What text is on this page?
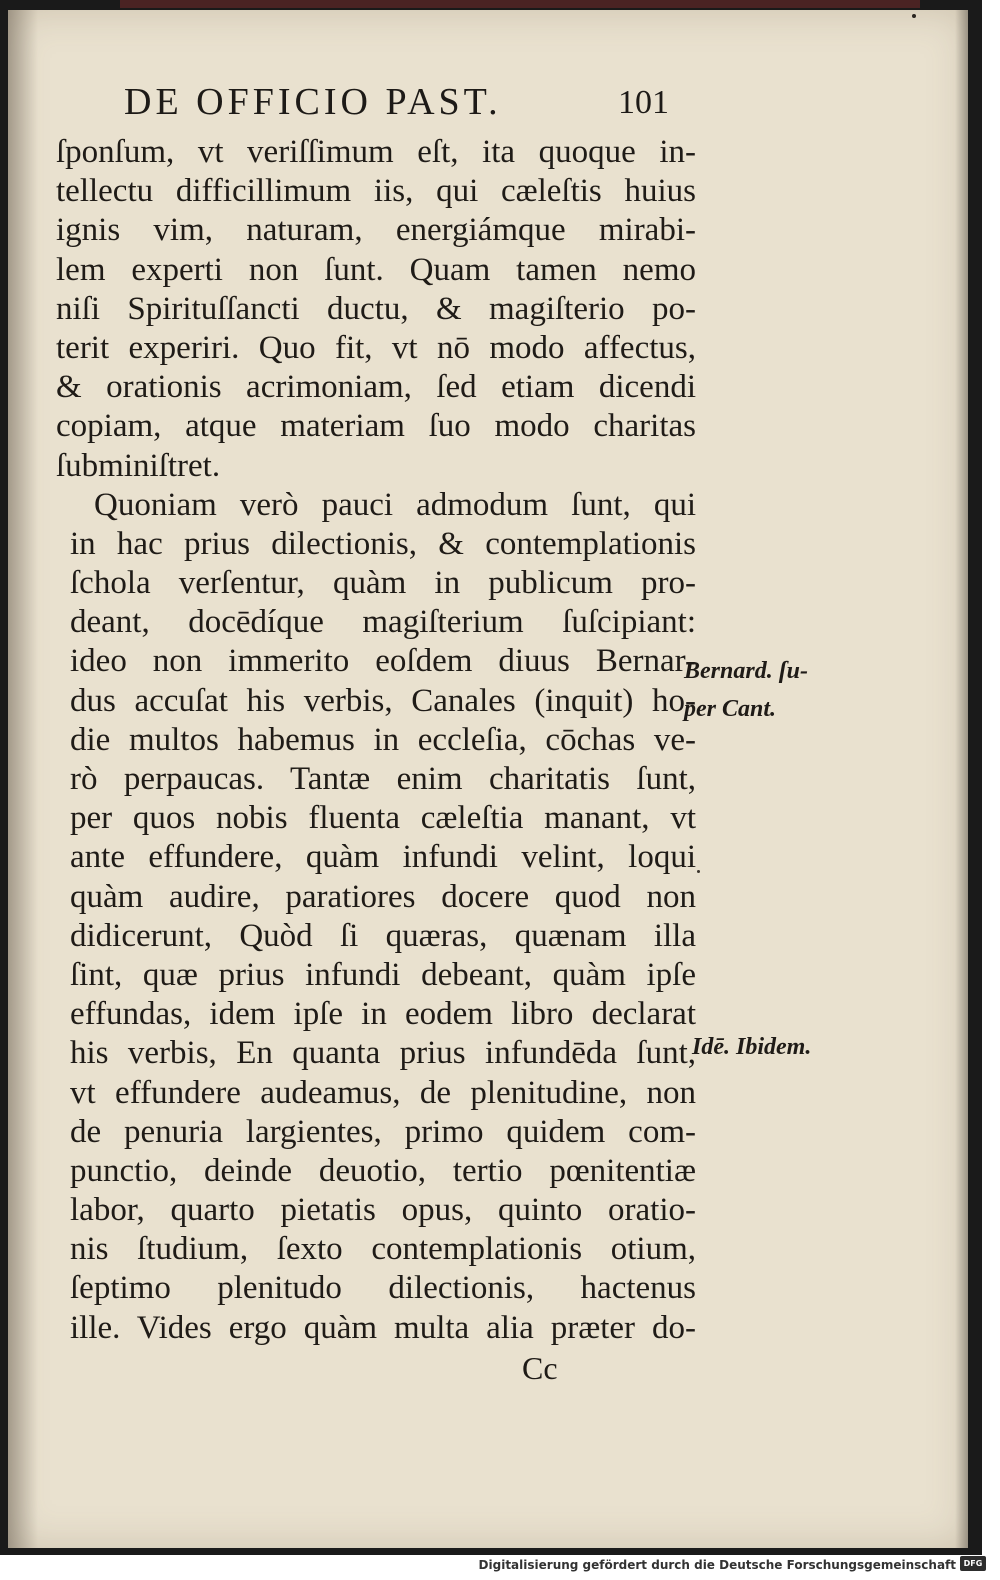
DE OFFICIO PAST.	101
ſponſum, vt veriſſimum eſt, ita quoque in-
tellectu difficillimum iis, qui cæleſtis huius
ignis vim, naturam, energiámque mirabi-
lem experti non ſunt. Quam tamen nemo
niſi Spirituſſancti ductu, & magiſterio po-
terit experiri. Quo fit, vt nō modo affectus,
& orationis acrimoniam, ſed etiam dicendi
copiam, atque materiam ſuo modo charitas
ſubminiſtret.
Quoniam verò pauci admodum ſunt, qui
in hac prius dilectionis, & contemplationis
ſchola verſentur, quàm in publicum pro-
deant, docēdíque magiſterium ſuſcipiant:
ideo non immerito eoſdem diuus Bernar-
dus accuſat his verbis, Canales (inquit) ho-
die multos habemus in eccleſia, cōchas ve-
rò perpaucas. Tantæ enim charitatis ſunt,
per quos nobis fluenta cæleſtia manant, vt
ante effundere, quàm infundi velint, loqui
quàm audire, paratiores docere quod non
didicerunt, Quòd ſi quæras, quænam illa
ſint, quæ prius infundi debeant, quàm ipſe
effundas, idem ipſe in eodem libro declarat
his verbis, En quanta prius infundēda ſunt,
vt effundere audeamus, de plenitudine, non
de penuria largientes, primo quidem com-
punctio, deinde deuotio, tertio pœnitentiæ
labor, quarto pietatis opus, quinto oratio-
nis ſtudium, ſexto contemplationis otium,
ſeptimo plenitudo dilectionis, hactenus
ille. Vides ergo quàm multa alia præter do-
Bernard. ſu-
per Cant.
Idē. Ibidem.
Cc
Digitalisierung gefördert durch die Deutsche Forschungsgemeinschaft DFG
